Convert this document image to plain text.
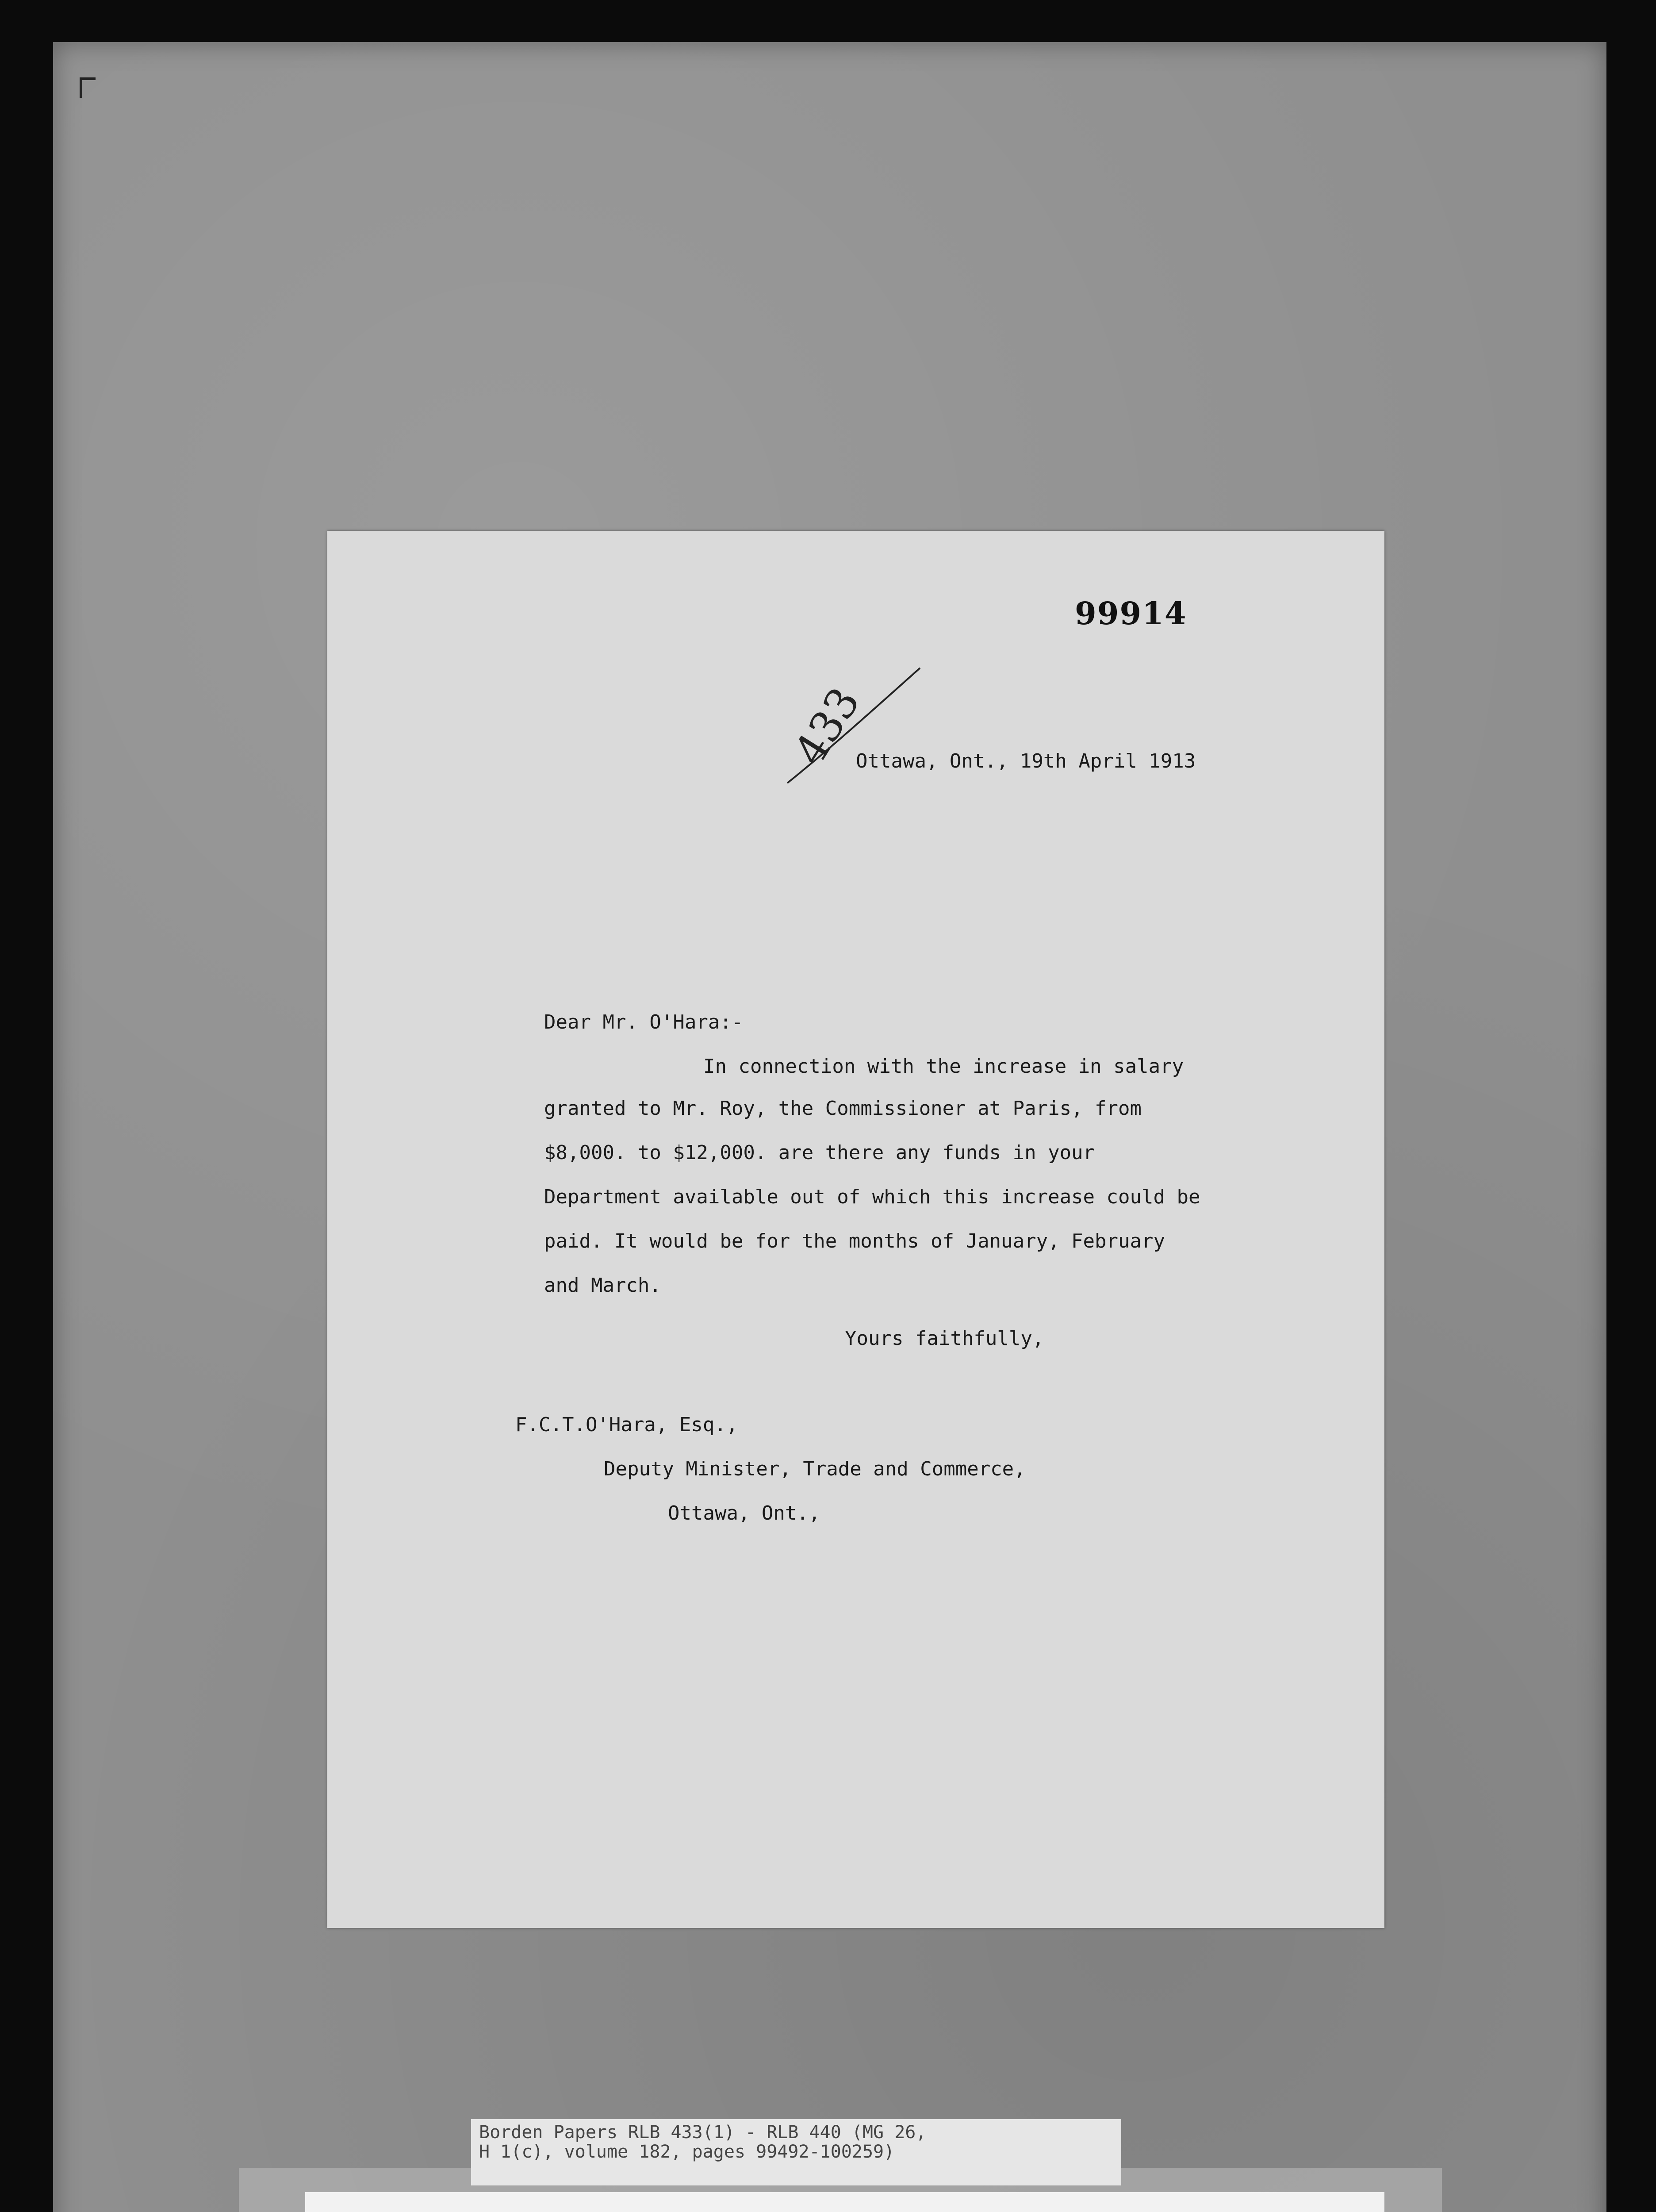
99914
433
Ottawa, Ont., 19th April 1913
Dear Mr. O'Hara:-
In connection with the increase in salary
granted to Mr. Roy, the Commissioner at Paris, from
$8,000. to $12,000. are there any funds in your
Department available out of which this increase could be
paid. It would be for the months of January, February
and March.
Yours faithfully,
F.C.T.O'Hara, Esq.,
Deputy Minister, Trade and Commerce,
Ottawa, Ont.,
Borden Papers RLB 433(1) - RLB 440 (MG 26,
H 1(c), volume 182, pages 99492-100259)
